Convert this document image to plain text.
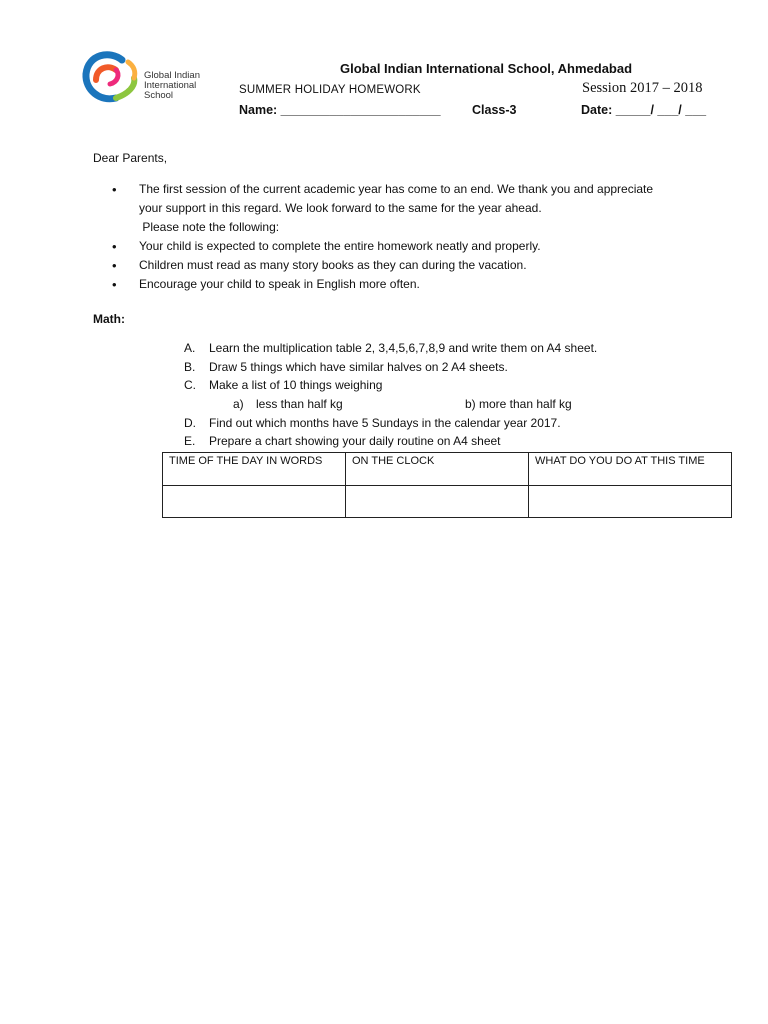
Global Indian
International
School
Global Indian International School, Ahmedabad
SUMMER HOLIDAY HOMEWORK	Session 2017 – 2018
Name: _______________________	Class-3	Date: _____/ ___/ ___
Dear Parents,
• The first session of the current academic year has come to an end. We thank you and appreciate your support in this regard. We look forward to the same for the year ahead.
Please note the following:
• Your child is expected to complete the entire homework neatly and properly.
• Children must read as many story books as they can during the vacation.
• Encourage your child to speak in English more often.
Math:
A. Learn the multiplication table 2, 3,4,5,6,7,8,9 and write them on A4 sheet.
B. Draw 5 things which have similar halves on 2 A4 sheets.
C. Make a list of 10 things weighing
a) less than half kg	b) more than half kg
D. Find out which months have 5 Sundays in the calendar year 2017.
E. Prepare a chart showing your daily routine on A4 sheet
TIME OF THE DAY IN WORDS	ON THE CLOCK	WHAT DO YOU DO AT THIS TIME
